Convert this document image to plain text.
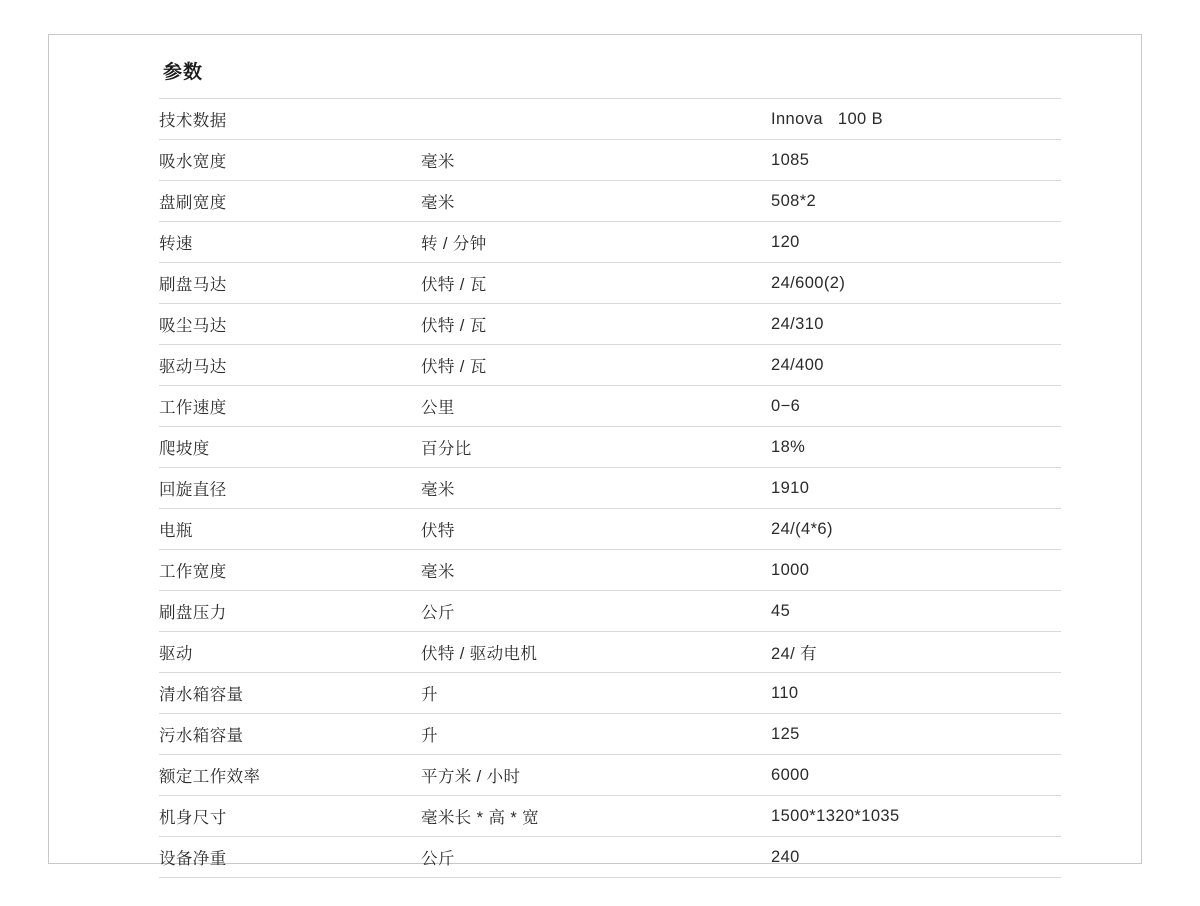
参数
技术数据		Innova   100 B
吸水宽度	毫米	1085
盘刷宽度	毫米	508*2
转速	转 / 分钟	120
刷盘马达	伏特 / 瓦	24/600(2)
吸尘马达	伏特 / 瓦	24/310
驱动马达	伏特 / 瓦	24/400
工作速度	公里	0−6
爬坡度	百分比	18%
回旋直径	毫米	1910
电瓶	伏特	24/(4*6)
工作宽度	毫米	1000
刷盘压力	公斤	45
驱动	伏特 / 驱动电机	24/ 有
清水箱容量	升	110
污水箱容量	升	125
额定工作效率	平方米 / 小时	6000
机身尺寸	毫米长 * 高 * 宽	1500*1320*1035
设备净重	公斤	240
